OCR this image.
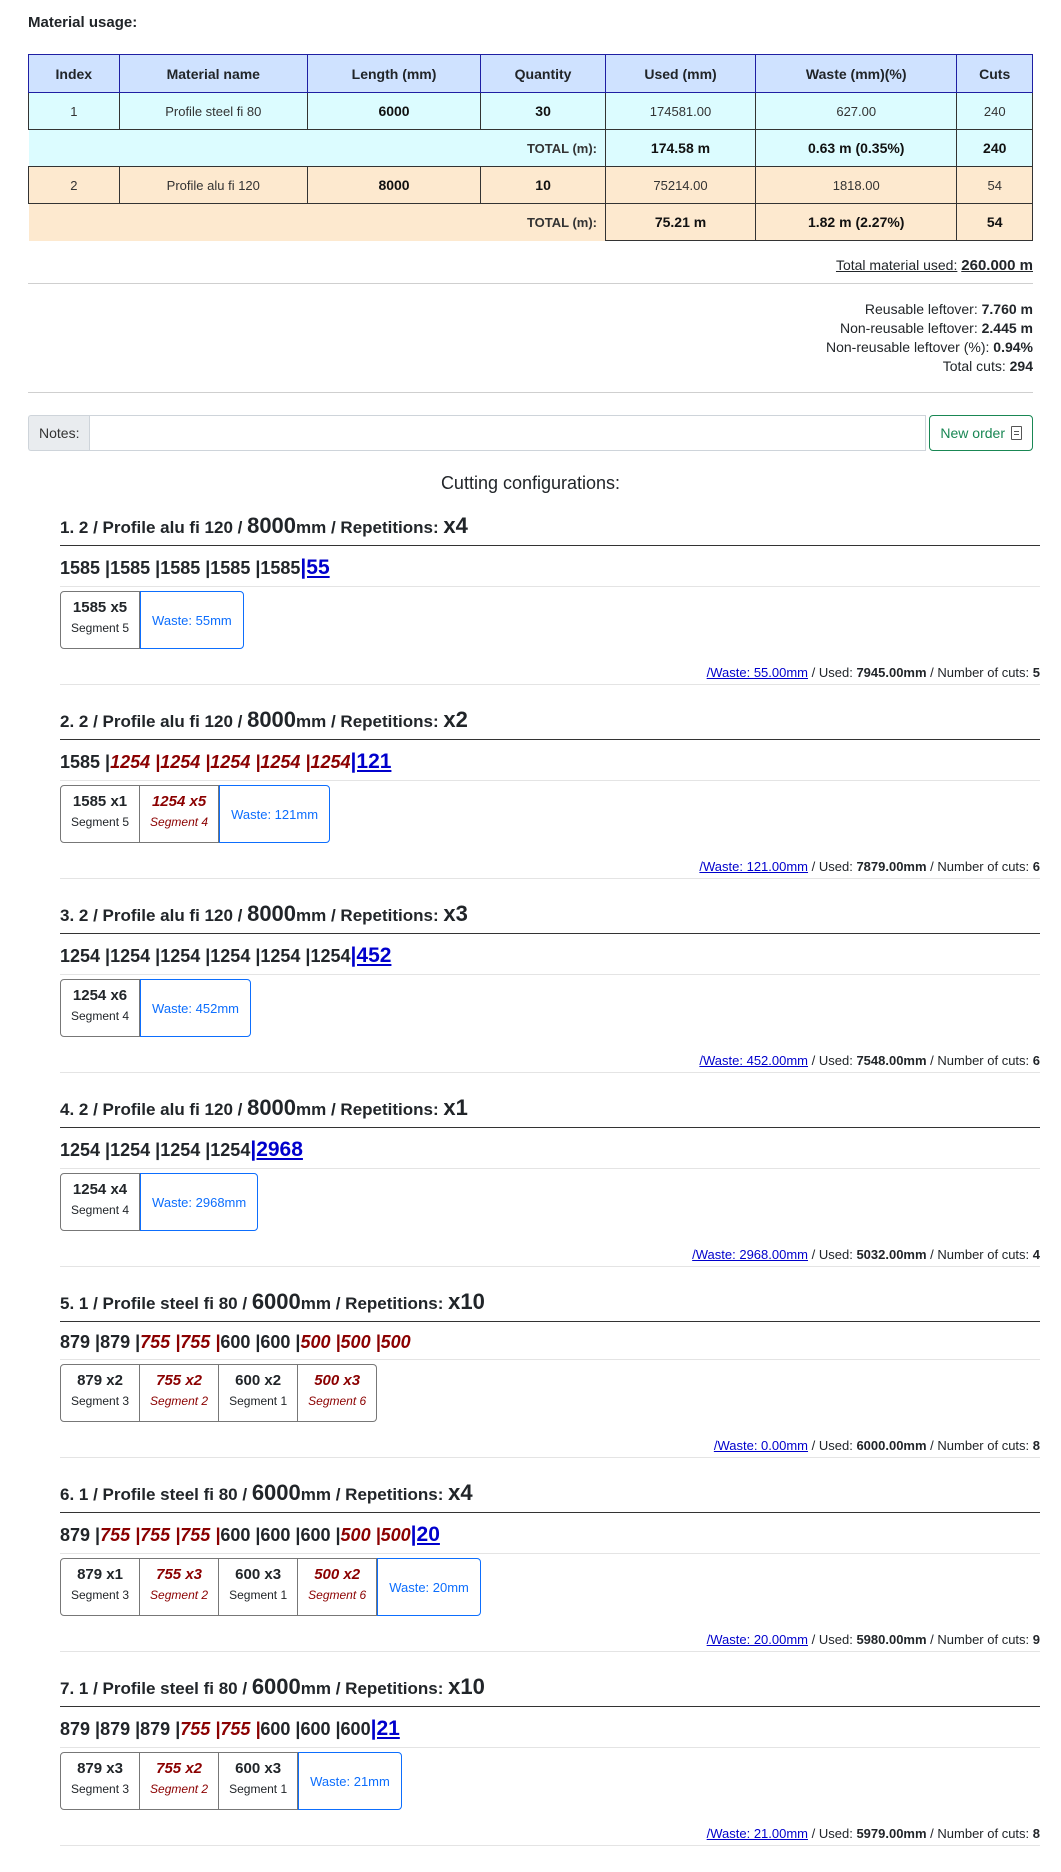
Material usage:
Index	Material name	Length (mm)	Quantity	Used (mm)	Waste (mm)(%)	Cuts
1	Profile steel fi 80	6000	30	174581.00	627.00	240
TOTAL (m):				174.58 m	0.63 m (0.35%)	240
2	Profile alu fi 120	8000	10	75214.00	1818.00	54
TOTAL (m):				75.21 m	1.82 m (2.27%)	54
Total material used: 260.000 m
Reusable leftover: 7.760 m
Non-reusable leftover: 2.445 m
Non-reusable leftover (%): 0.94%
Total cuts: 294
Notes:	New order
Cutting configurations:
1. 2 / Profile alu fi 120 / 8000 mm / Repetitions: x4
1585 |1585 |1585 |1585 |1585|55
1585 x5
Segment 5
Waste: 55mm
/Waste: 55.00mm / Used: 7945.00mm / Number of cuts: 5
2. 2 / Profile alu fi 120 / 8000 mm / Repetitions: x2
1585 |1254 |1254 |1254 |1254 |1254|121
1585 x1
Segment 5
1254 x5
Segment 4
Waste: 121mm
/Waste: 121.00mm / Used: 7879.00mm / Number of cuts: 6
3. 2 / Profile alu fi 120 / 8000 mm / Repetitions: x3
1254 |1254 |1254 |1254 |1254 |1254|452
1254 x6
Segment 4
Waste: 452mm
/Waste: 452.00mm / Used: 7548.00mm / Number of cuts: 6
4. 2 / Profile alu fi 120 / 8000 mm / Repetitions: x1
1254 |1254 |1254 |1254|2968
1254 x4
Segment 4
Waste: 2968mm
/Waste: 2968.00mm / Used: 5032.00mm / Number of cuts: 4
5. 1 / Profile steel fi 80 / 6000 mm / Repetitions: x10
879 |879 |755 |755 |600 |600 |500 |500 |500
879 x2
Segment 3
755 x2
Segment 2
600 x2
Segment 1
500 x3
Segment 6
/Waste: 0.00mm / Used: 6000.00mm / Number of cuts: 8
6. 1 / Profile steel fi 80 / 6000 mm / Repetitions: x4
879 |755 |755 |755 |600 |600 |600 |500 |500|20
879 x1
Segment 3
755 x3
Segment 2
600 x3
Segment 1
500 x2
Segment 6
Waste: 20mm
/Waste: 20.00mm / Used: 5980.00mm / Number of cuts: 9
7. 1 / Profile steel fi 80 / 6000 mm / Repetitions: x10
879 |879 |879 |755 |755 |600 |600 |600|21
879 x3
Segment 3
755 x2
Segment 2
600 x3
Segment 1
Waste: 21mm
/Waste: 21.00mm / Used: 5979.00mm / Number of cuts: 8
